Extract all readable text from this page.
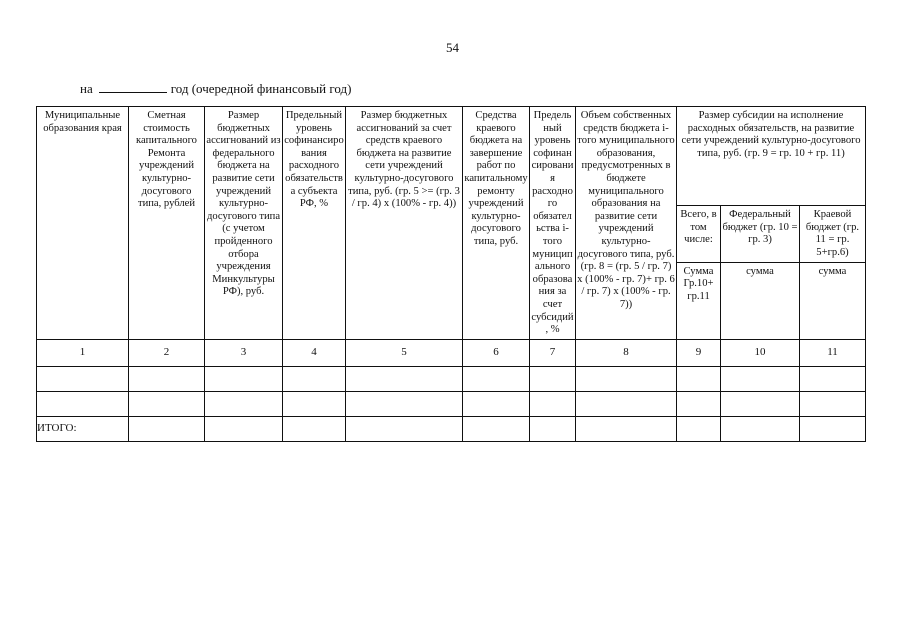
54
на	год (очередной финансовый год)
Муниципальные образования края	Сметная стоимость капитального Ремонта учреждений культурно-досугового типа, рублей	Размер бюджетных ассигнований из федерального бюджета на развитие сети учреждений культурно-досугового типа (с учетом пройденного отбора учреждения Минкультуры РФ), руб.	Предельный уровень софинансирования расходного обязательства субъекта РФ, %	Размер бюджетных ассигнований за счет средств краевого бюджета на развитие сети учреждений культурно-досугового типа, руб. (гр. 5 >= (гр. 3 / гр. 4) x (100% - гр. 4))	Средства краевого бюджета на завершение работ по капитальному ремонту учреждений культурно-досугового типа, руб.	Предельный уровень софинансирования расходного обязательства i-того муниципального образования за счет субсидий, %	Объем собственных средств бюджета i-того муниципального образования, предусмотренных в бюджете муниципального образования на развитие сети учреждений культурно-досугового типа, руб. (гр. 8 = (гр. 5 / гр. 7) x (100% - гр. 7)+ гр. 6 / гр. 7) x (100% - гр. 7))	Размер субсидии на исполнение расходных обязательств, на развитие сети учреждений культурно-досугового типа, руб. (гр. 9 = гр. 10 + гр. 11)		
								Всего, в том числе:	Федеральный бюджет (гр. 10 = гр. 3)	Краевой бюджет (гр. 11 = гр. 5+гр.6)
								Сумма Гр.10+ гр.11	сумма	сумма
1	2	3	4	5	6	7	8	9	10	11

ИТОГО:										
